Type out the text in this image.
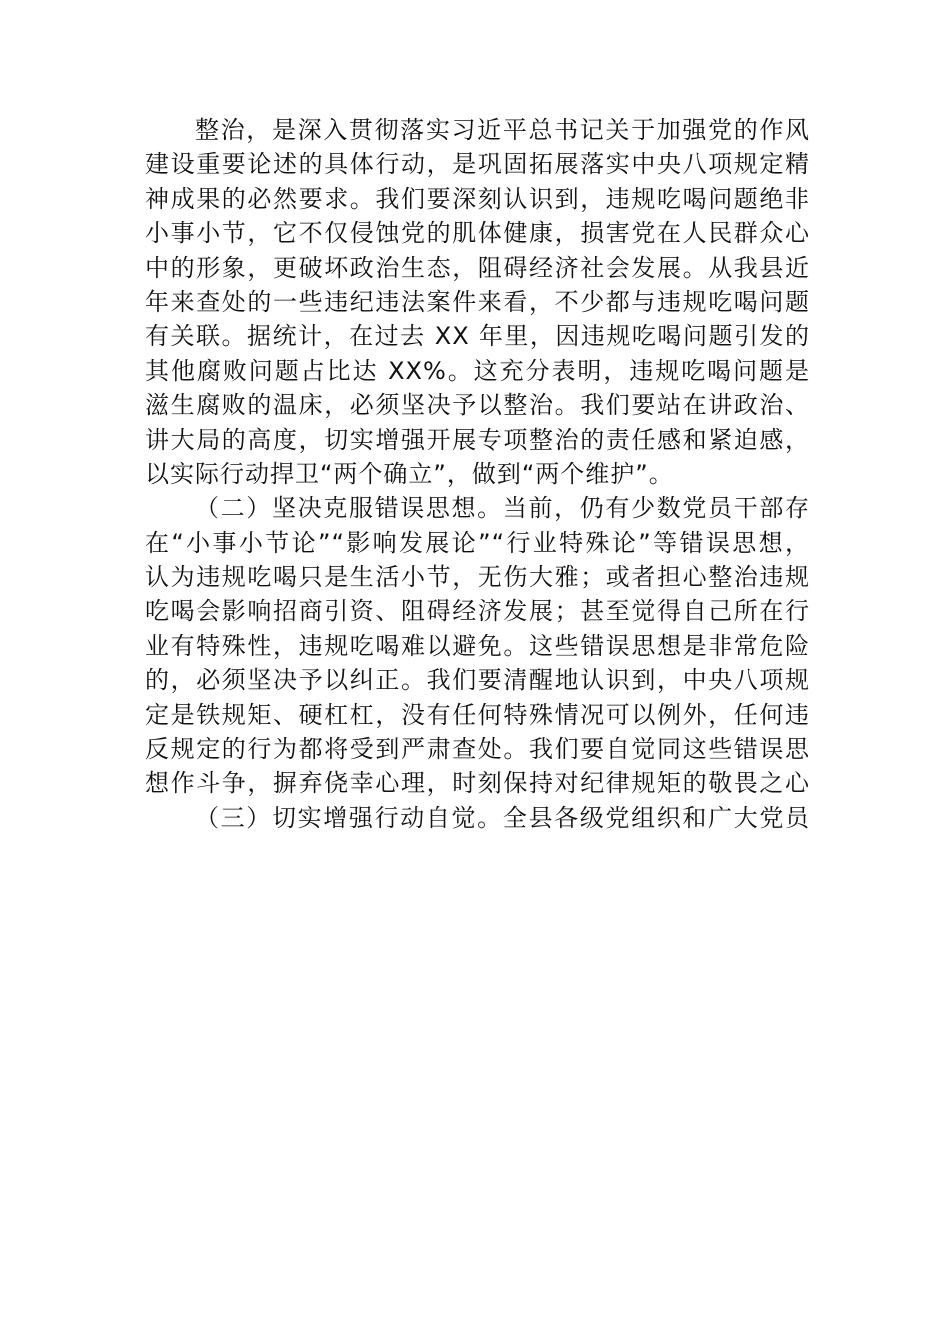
整治，是深入贯彻落实习近平总书记关于加强党的作风
建设重要论述的具体行动，是巩固拓展落实中央八项规定精
神成果的必然要求。我们要深刻认识到，违规吃喝问题绝非
小事小节，它不仅侵蚀党的肌体健康，损害党在人民群众心
中的形象，更破坏政治生态，阻碍经济社会发展。从我县近
年来查处的一些违纪违法案件来看，不少都与违规吃喝问题
有关联。据统计，在过去 XX 年里，因违规吃喝问题引发的
其他腐败问题占比达 XX%。这充分表明，违规吃喝问题是
滋生腐败的温床，必须坚决予以整治。我们要站在讲政治、
讲大局的高度，切实增强开展专项整治的责任感和紧迫感，
以实际行动捍卫“两个确立”，做到“两个维护”。
（二）坚决克服错误思想。当前，仍有少数党员干部存
在“小事小节论”“影响发展论”“行业特殊论”等错误思想，
认为违规吃喝只是生活小节，无伤大雅；或者担心整治违规
吃喝会影响招商引资、阻碍经济发展；甚至觉得自己所在行
业有特殊性，违规吃喝难以避免。这些错误思想是非常危险
的，必须坚决予以纠正。我们要清醒地认识到，中央八项规
定是铁规矩、硬杠杠，没有任何特殊情况可以例外，任何违
反规定的行为都将受到严肃查处。我们要自觉同这些错误思
想作斗争，摒弃侥幸心理，时刻保持对纪律规矩的敬畏之心
（三）切实增强行动自觉。全县各级党组织和广大党员
